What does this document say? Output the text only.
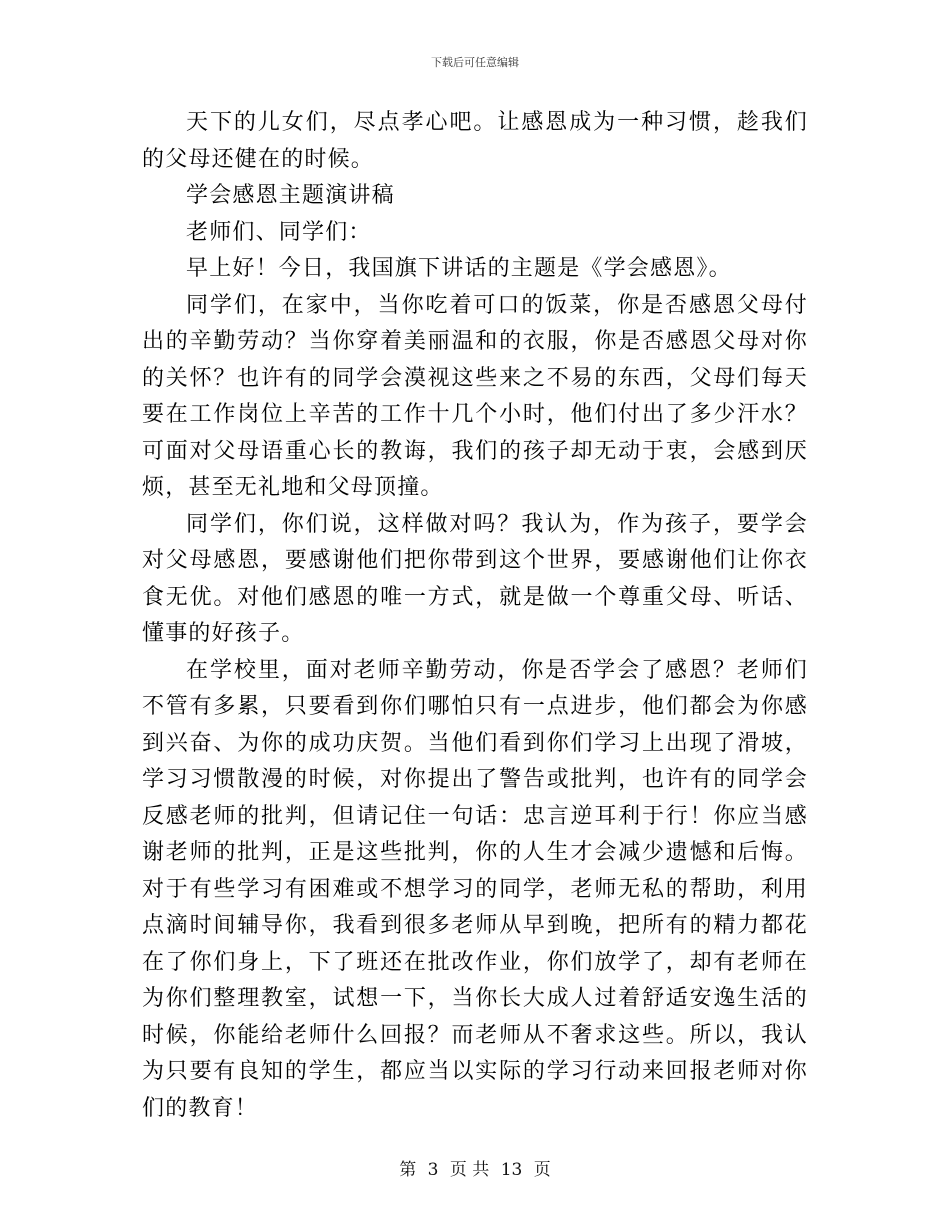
下载后可任意编辑

天下的儿女们，尽点孝心吧。让感恩成为一种习惯，趁我们的父母还健在的时候。

学会感恩主题演讲稿

老师们、同学们：

早上好！今日，我国旗下讲话的主题是《学会感恩》。

同学们，在家中，当你吃着可口的饭菜，你是否感恩父母付出的辛勤劳动？当你穿着美丽温和的衣服，你是否感恩父母对你的关怀？也许有的同学会漠视这些来之不易的东西，父母们每天要在工作岗位上辛苦的工作十几个小时，他们付出了多少汗水？可面对父母语重心长的教诲，我们的孩子却无动于衷，会感到厌烦，甚至无礼地和父母顶撞。

同学们，你们说，这样做对吗？我认为，作为孩子，要学会对父母感恩，要感谢他们把你带到这个世界，要感谢他们让你衣食无优。对他们感恩的唯一方式，就是做一个尊重父母、听话、懂事的好孩子。

在学校里，面对老师辛勤劳动，你是否学会了感恩？老师们不管有多累，只要看到你们哪怕只有一点进步，他们都会为你感到兴奋、为你的成功庆贺。当他们看到你们学习上出现了滑坡，学习习惯散漫的时候，对你提出了警告或批判，也许有的同学会反感老师的批判，但请记住一句话：忠言逆耳利于行！你应当感谢老师的批判，正是这些批判，你的人生才会减少遗憾和后悔。对于有些学习有困难或不想学习的同学，老师无私的帮助，利用点滴时间辅导你，我看到很多老师从早到晚，把所有的精力都花在了你们身上，下了班还在批改作业，你们放学了，却有老师在为你们整理教室，试想一下，当你长大成人过着舒适安逸生活的时候，你能给老师什么回报？而老师从不奢求这些。所以，我认为只要有良知的学生，都应当以实际的学习行动来回报老师对你们的教育！

第 3 页 共 13 页
